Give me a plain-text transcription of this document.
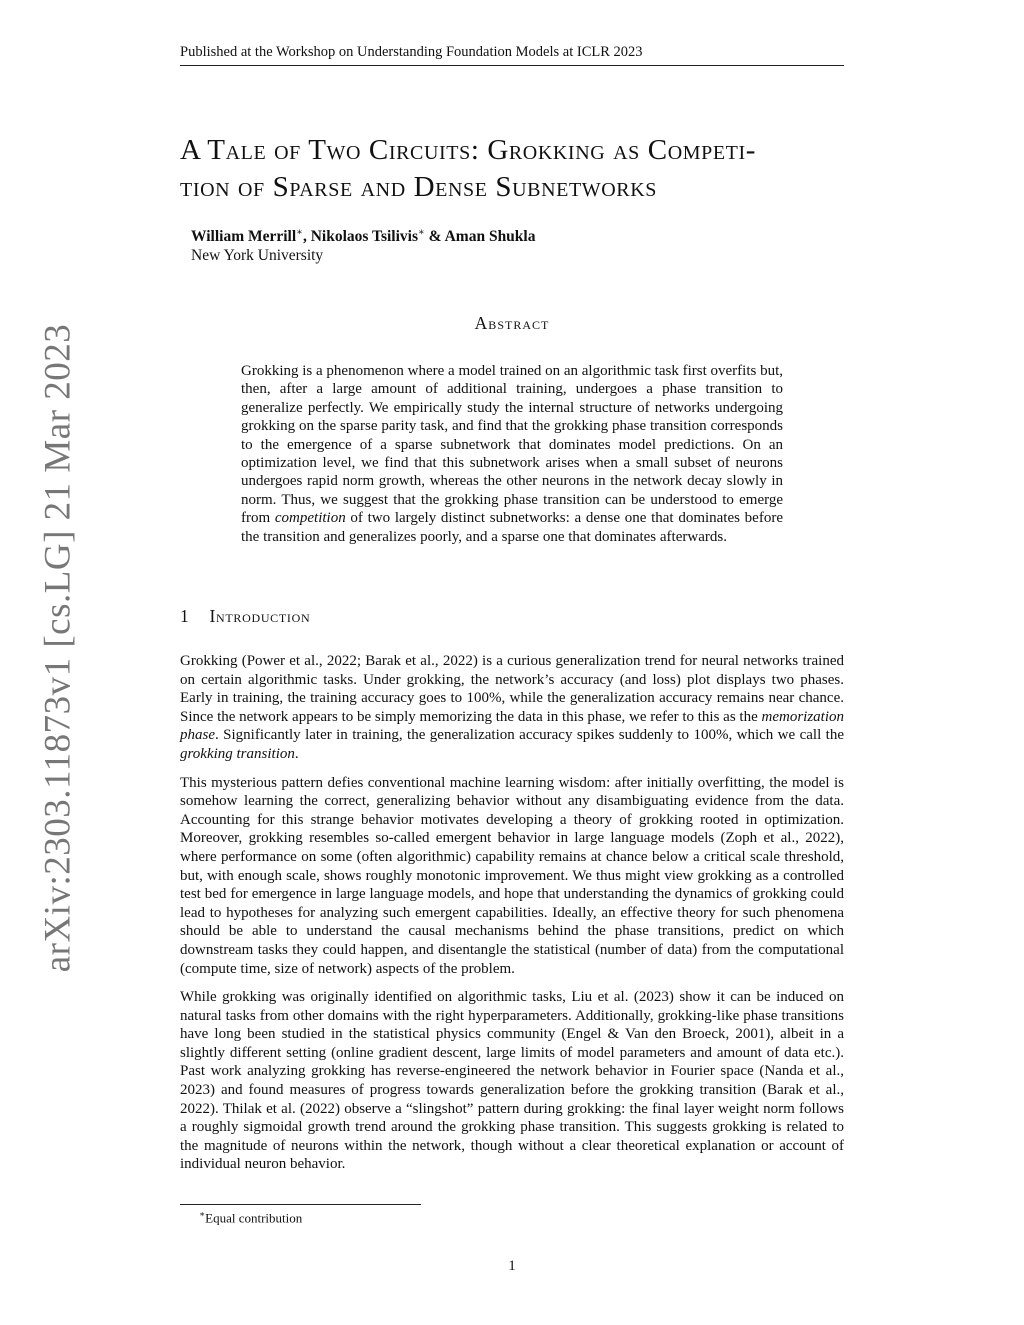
Published at the Workshop on Understanding Foundation Models at ICLR 2023
arXiv:2303.11873v1 [cs.LG] 21 Mar 2023
A Tale of Two Circuits: Grokking as Competi-
tion of Sparse and Dense Subnetworks
William Merrill∗, Nikolaos Tsilivis∗ & Aman Shukla
New York University
Abstract

Grokking is a phenomenon where a model trained on an algorithmic task first overfits but, then, after a large amount of additional training, undergoes a phase transition to generalize perfectly. We empirically study the internal structure of networks undergoing grokking on the sparse parity task, and find that the grokking phase transition corresponds to the emergence of a sparse subnetwork that dominates model predictions. On an optimization level, we find that this subnetwork arises when a small subset of neurons undergoes rapid norm growth, whereas the other neurons in the network decay slowly in norm. Thus, we suggest that the grokking phase transition can be understood to emerge from competition of two largely distinct subnetworks: a dense one that dominates before the transition and generalizes poorly, and a sparse one that dominates afterwards.

1 Introduction

Grokking (Power et al., 2022; Barak et al., 2022) is a curious generalization trend for neural networks trained on certain algorithmic tasks. Under grokking, the network’s accuracy (and loss) plot displays two phases. Early in training, the training accuracy goes to 100%, while the generalization accuracy remains near chance. Since the network appears to be simply memorizing the data in this phase, we refer to this as the memorization phase. Significantly later in training, the generalization accuracy spikes suddenly to 100%, which we call the grokking transition.

This mysterious pattern defies conventional machine learning wisdom: after initially overfitting, the model is somehow learning the correct, generalizing behavior without any disambiguating evidence from the data. Accounting for this strange behavior motivates developing a theory of grokking rooted in optimization. Moreover, grokking resembles so-called emergent behavior in large language models (Zoph et al., 2022), where performance on some (often algorithmic) capability remains at chance below a critical scale threshold, but, with enough scale, shows roughly monotonic improvement. We thus might view grokking as a controlled test bed for emergence in large language models, and hope that understanding the dynamics of grokking could lead to hypotheses for analyzing such emergent capabilities. Ideally, an effective theory for such phenomena should be able to understand the causal mechanisms behind the phase transitions, predict on which downstream tasks they could happen, and disentangle the statistical (number of data) from the computational (compute time, size of network) aspects of the problem.

While grokking was originally identified on algorithmic tasks, Liu et al. (2023) show it can be induced on natural tasks from other domains with the right hyperparameters. Additionally, grokking-like phase transitions have long been studied in the statistical physics community (Engel & Van den Broeck, 2001), albeit in a slightly different setting (online gradient descent, large limits of model parameters and amount of data etc.). Past work analyzing grokking has reverse-engineered the network behavior in Fourier space (Nanda et al., 2023) and found measures of progress towards generalization before the grokking transition (Barak et al., 2022). Thilak et al. (2022) observe a “slingshot” pattern during grokking: the final layer weight norm follows a roughly sigmoidal growth trend around the grokking phase transition. This suggests grokking is related to the magnitude of neurons within the network, though without a clear theoretical explanation or account of individual neuron behavior.

∗Equal contribution
1
